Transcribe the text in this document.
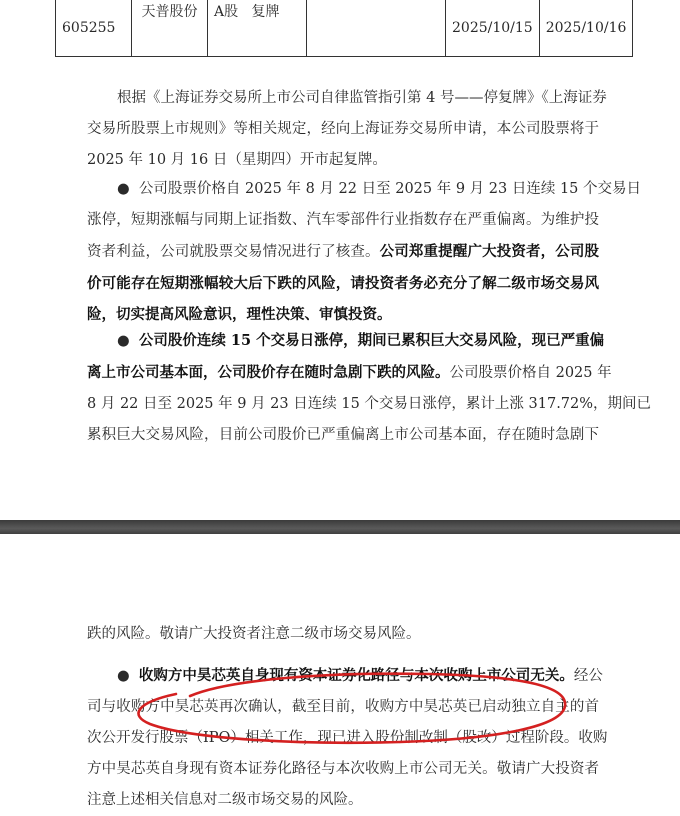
605255	天普股份	A股 复牌		2025/10/15	2025/10/16
根据《上海证券交易所上市公司自律监管指引第 4 号——停复牌》《上海证券
交易所股票上市规则》等相关规定，经向上海证券交易所申请，本公司股票将于
2025 年 10 月 16 日（星期四）开市起复牌。
● 公司股票价格自 2025 年 8 月 22 日至 2025 年 9 月 23 日连续 15 个交易日
涨停，短期涨幅与同期上证指数、汽车零部件行业指数存在严重偏离。为维护投
资者利益，公司就股票交易情况进行了核查。公司郑重提醒广大投资者，公司股
价可能存在短期涨幅较大后下跌的风险，请投资者务必充分了解二级市场交易风
险，切实提高风险意识，理性决策、审慎投资。
● 公司股价连续 15 个交易日涨停，期间已累积巨大交易风险，现已严重偏
离上市公司基本面，公司股价存在随时急剧下跌的风险。公司股票价格自 2025 年
8 月 22 日至 2025 年 9 月 23 日连续 15 个交易日涨停，累计上涨 317.72%，期间已
累积巨大交易风险，目前公司股价已严重偏离上市公司基本面，存在随时急剧下
跌的风险。敬请广大投资者注意二级市场交易风险。
● 收购方中昊芯英自身现有资本证券化路径与本次收购上市公司无关。经公
司与收购方中昊芯英再次确认，截至目前，收购方中昊芯英已启动独立自主的首
次公开发行股票（IPO）相关工作，现已进入股份制改制（股改）过程阶段。收购
方中昊芯英自身现有资本证券化路径与本次收购上市公司无关。敬请广大投资者
注意上述相关信息对二级市场交易的风险。
